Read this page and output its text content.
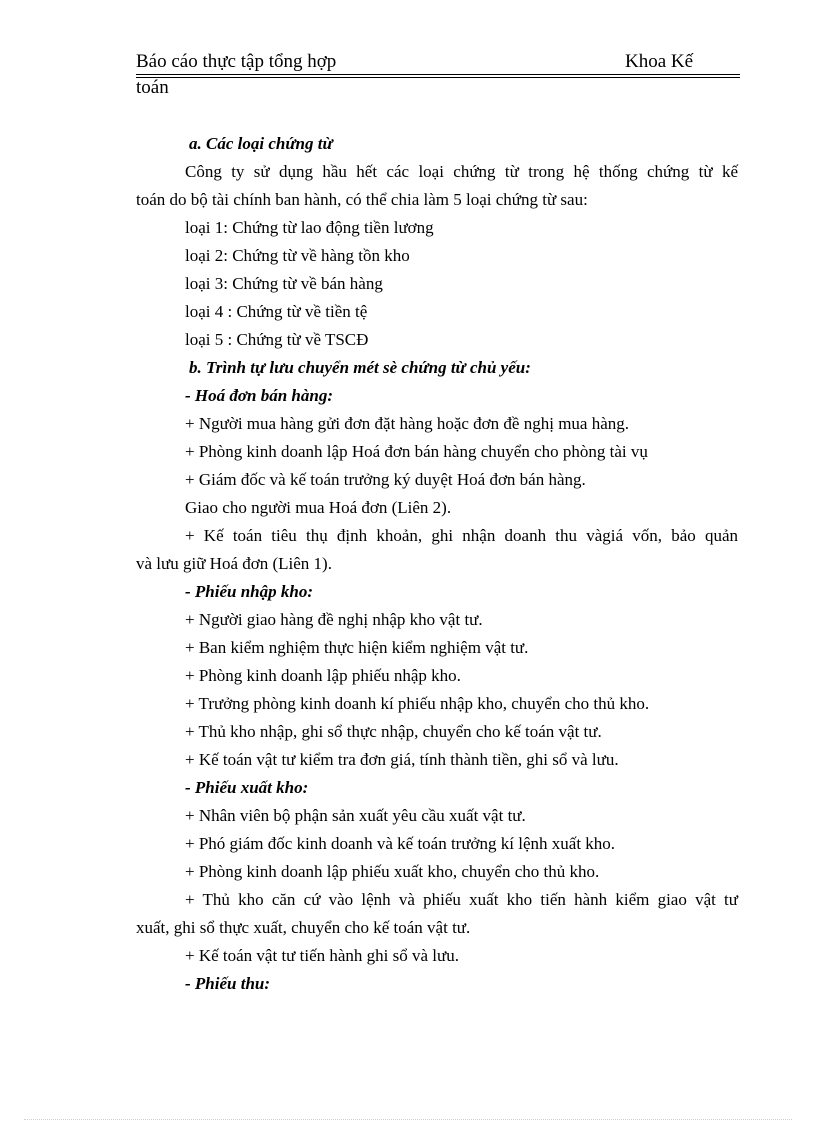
Báo cáo thực tập tổng hợp	Khoa Kế
toán
a. Các loại chứng từ
Công ty sử dụng hầu hết các loại chứng từ trong hệ thống chứng từ kế
toán do bộ tài chính ban hành, có thể chia làm 5 loại chứng từ sau:
loại 1: Chứng từ lao động tiền lương
loại 2: Chứng từ về hàng tồn kho
loại 3: Chứng từ về bán hàng
loại 4 : Chứng từ về tiền tệ
loại 5 : Chứng từ về TSCĐ
b. Trình tự lưu chuyển mét sè chứng từ chủ yếu:
- Hoá đơn bán hàng:
+ Người mua hàng gửi đơn đặt hàng hoặc đơn đề nghị mua hàng.
+ Phòng kinh doanh lập Hoá đơn bán hàng chuyển cho phòng tài vụ
+ Giám đốc và kế toán trưởng ký duyệt Hoá đơn bán hàng.
Giao cho người mua Hoá đơn (Liên 2).
+ Kế toán tiêu thụ định khoản, ghi nhận doanh thu vàgiá vốn, bảo quản
và lưu giữ Hoá đơn (Liên 1).
- Phiếu nhập kho:
+ Người giao hàng đề nghị nhập kho vật tư.
+ Ban kiểm nghiệm thực hiện kiểm nghiệm vật tư.
+ Phòng kinh doanh lập phiếu nhập kho.
+ Trưởng phòng kinh doanh kí phiếu nhập kho, chuyển cho thủ kho.
+ Thủ kho nhập, ghi sổ thực nhập, chuyển cho kế toán vật tư.
+ Kế toán vật tư kiểm tra đơn giá, tính thành tiền, ghi sổ và lưu.
- Phiếu xuất kho:
+ Nhân viên bộ phận sản xuất yêu cầu xuất vật tư.
+ Phó giám đốc kinh doanh và kế toán trưởng kí lệnh xuất kho.
+ Phòng kinh doanh lập phiếu xuất kho, chuyển cho thủ kho.
+ Thủ kho căn cứ vào lệnh và phiếu xuất kho tiến hành kiểm giao vật tư
xuất, ghi sổ thực xuất, chuyển cho kế toán vật tư.
+ Kế toán vật tư tiến hành ghi sổ và lưu.
- Phiếu thu:
